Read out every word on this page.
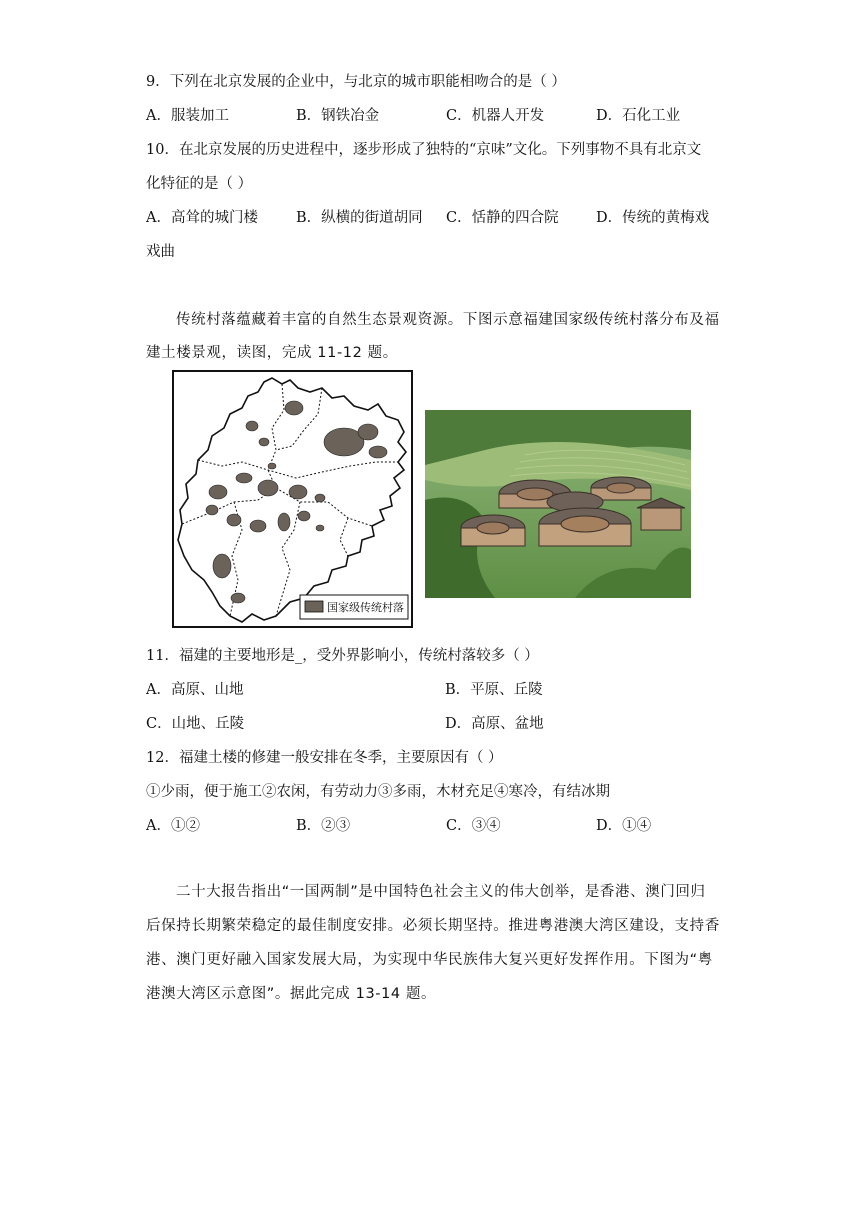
9．下列在北京发展的企业中，与北京的城市职能相吻合的是（ ）
A．服装加工	B．钢铁冶金	C．机器人开发	D．石化工业
10．在北京发展的历史进程中，逐步形成了独特的“京味”文化。下列事物不具有北京文
化特征的是（ ）
A．高耸的城门楼	B．纵横的街道胡同 C．恬静的四合院	D．传统的黄梅戏
戏曲
传统村落蕴藏着丰富的自然生态景观资源。下图示意福建国家级传统村落分布及福
建土楼景观，读图，完成 11-12 题。
国家级传统村落
11．福建的主要地形是_，受外界影响小，传统村落较多（ ）
A．高原、山地	B．平原、丘陵
C．山地、丘陵	D．高原、盆地
12．福建土楼的修建一般安排在冬季，主要原因有（ ）
①少雨，便于施工②农闲，有劳动力③多雨，木材充足④寒冷，有结冰期
A．①②	B．②③	C．③④	D．①④
二十大报告指出“一国两制”是中国特色社会主义的伟大创举，是香港、澳门回归
后保持长期繁荣稳定的最佳制度安排。必须长期坚持。推进粤港澳大湾区建设，支持香
港、澳门更好融入国家发展大局，为实现中华民族伟大复兴更好发挥作用。下图为“粤
港澳大湾区示意图”。据此完成 13-14 题。
